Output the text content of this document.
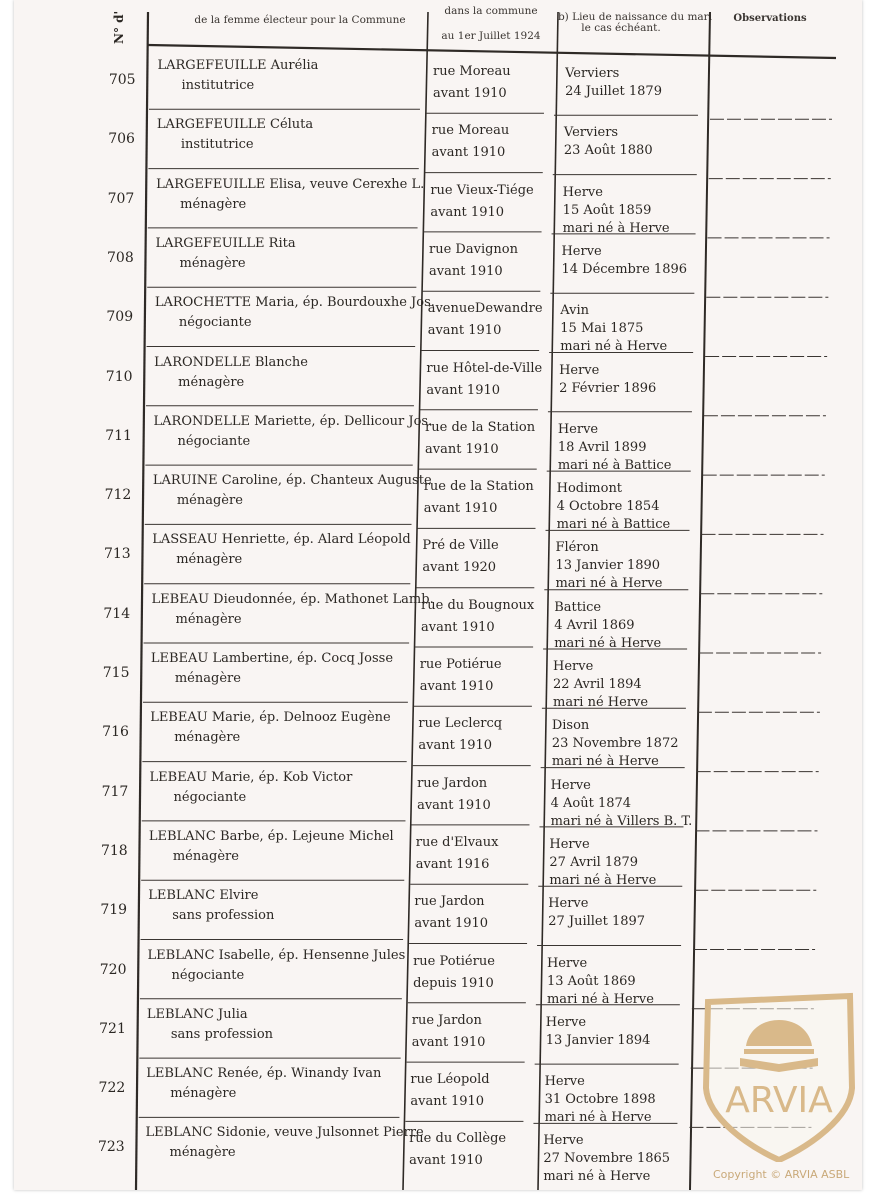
de la femme électeur pour la Commune
dans la commune
au 1er Juillet 1924
b) Lieu de naissance du mari
le cas échéant.
Observations
N° d'
705
LARGEFEUILLE Aurélia
institutrice
rue Moreau
avant 1910
Verviers
24 Juillet 1879
706
LARGEFEUILLE Céluta
institutrice
rue Moreau
avant 1910
Verviers
23 Août 1880
707
LARGEFEUILLE Elisa, veuve Cerexhe L.
ménagère
rue Vieux-Tiége
avant 1910
Herve
15 Août 1859
mari né à Herve
708
LARGEFEUILLE Rita
ménagère
rue Davignon
avant 1910
Herve
14 Décembre 1896
709
LAROCHETTE Maria, ép. Bourdouxhe Jos.
négociante
avenueDewandre
avant 1910
Avin
15 Mai 1875
mari né à Herve
710
LARONDELLE Blanche
ménagère
rue Hôtel-de-Ville
avant 1910
Herve
2 Février 1896
711
LARONDELLE Mariette, ép. Dellicour Jos.
négociante
rue de la Station
avant 1910
Herve
18 Avril 1899
mari né à Battice
712
LARUINE Caroline, ép. Chanteux Auguste
ménagère
rue de la Station
avant 1910
Hodimont
4 Octobre 1854
mari né à Battice
713
LASSEAU Henriette, ép. Alard Léopold
ménagère
Pré de Ville
avant 1920
Fléron
13 Janvier 1890
mari né à Herve
714
LEBEAU Dieudonnée, ép. Mathonet Lamb.
ménagère
rue du Bougnoux
avant 1910
Battice
4 Avril 1869
mari né à Herve
715
LEBEAU Lambertine, ép. Cocq Josse
ménagère
rue Potiérue
avant 1910
Herve
22 Avril 1894
mari né Herve
716
LEBEAU Marie, ép. Delnooz Eugène
ménagère
rue Leclercq
avant 1910
Dison
23 Novembre 1872
mari né à Herve
717
LEBEAU Marie, ép. Kob Victor
négociante
rue Jardon
avant 1910
Herve
4 Août 1874
mari né à Villers B. T.
718
LEBLANC Barbe, ép. Lejeune Michel
ménagère
rue d'Elvaux
avant 1916
Herve
27 Avril 1879
mari né à Herve
719
LEBLANC Elvire
sans profession
rue Jardon
avant 1910
Herve
27 Juillet 1897
720
LEBLANC Isabelle, ép. Hensenne Jules
négociante
rue Potiérue
depuis 1910
Herve
13 Août 1869
mari né à Herve
721
LEBLANC Julia
sans profession
rue Jardon
avant 1910
Herve
13 Janvier 1894
722
LEBLANC Renée, ép. Winandy Ivan
ménagère
rue Léopold
avant 1910
Herve
31 Octobre 1898
mari né à Herve
723
LEBLANC Sidonie, veuve Julsonnet Pierre
ménagère
rue du Collège
avant 1910
Herve
27 Novembre 1865
mari né à Herve
ARVIA
Copyright © ARVIA ASBL
